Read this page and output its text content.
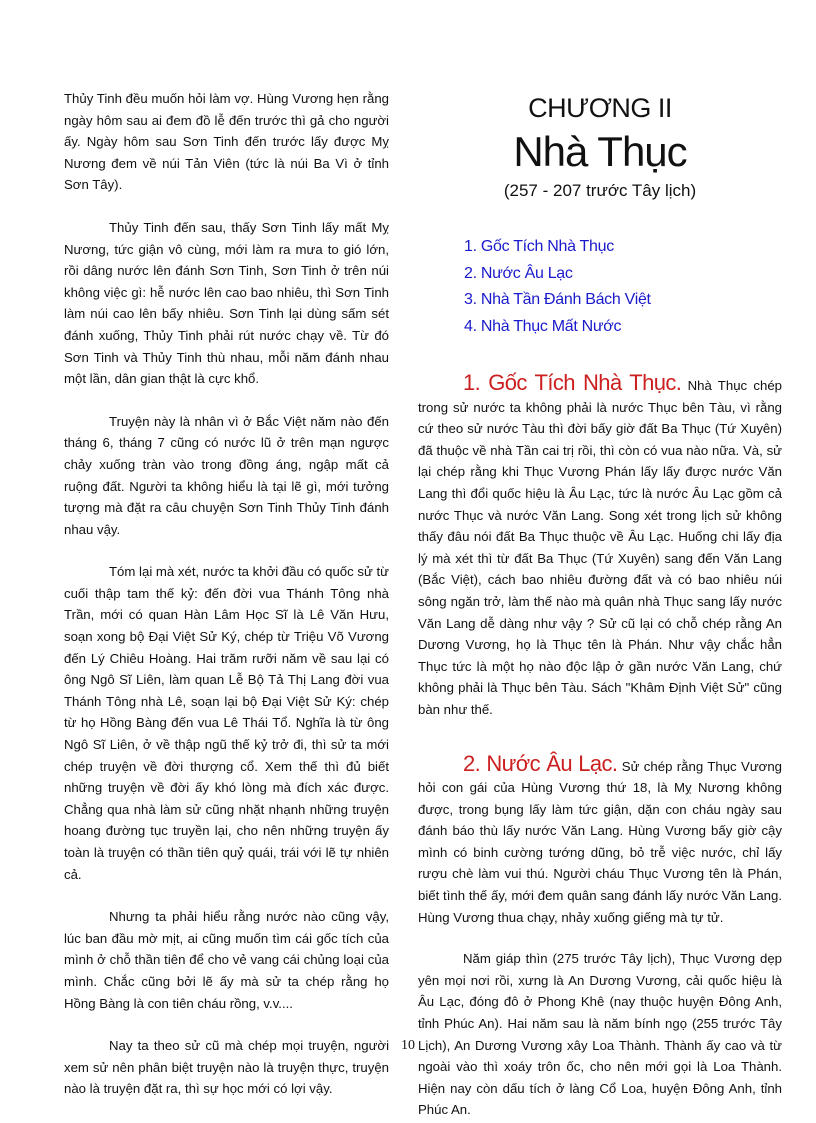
Thủy Tinh đều muốn hỏi làm vợ. Hùng Vương hẹn rằng ngày hôm sau ai đem đồ lễ đến trước thì gả cho người ấy. Ngày hôm sau Sơn Tinh đến trước lấy được Mỵ Nương đem về núi Tản Viên (tức là núi Ba Vì ở tỉnh Sơn Tây).

Thủy Tinh đến sau, thấy Sơn Tinh lấy mất Mỵ Nương, tức giận vô cùng, mới làm ra mưa to gió lớn, rồi dâng nước lên đánh Sơn Tinh, Sơn Tinh ở trên núi không việc gì: hễ nước lên cao bao nhiêu, thì Sơn Tinh làm núi cao lên bấy nhiêu. Sơn Tinh lại dùng sấm sét đánh xuống, Thủy Tinh phải rút nước chạy về. Từ đó Sơn Tinh và Thủy Tinh thù nhau, mỗi năm đánh nhau một lần, dân gian thật là cực khổ.

Truyện này là nhân vì ở Bắc Việt năm nào đến tháng 6, tháng 7 cũng có nước lũ ở trên mạn ngược chảy xuống tràn vào trong đồng áng, ngập mất cả ruộng đất. Người ta không hiểu là tại lẽ gì, mới tưởng tượng mà đặt ra câu chuyện Sơn Tinh Thủy Tinh đánh nhau vậy.

Tóm lại mà xét, nước ta khởi đầu có quốc sử từ cuối thập tam thế kỷ: đến đời vua Thánh Tông nhà Trần, mới có quan Hàn Lâm Học Sĩ là Lê Văn Hưu, soạn xong bộ Đại Việt Sử Ký, chép từ Triệu Võ Vương đến Lý Chiêu Hoàng. Hai trăm rưỡi năm về sau lại có ông Ngô Sĩ Liên, làm quan Lễ Bộ Tả Thị Lang đời vua Thánh Tông nhà Lê, soạn lại bộ Đại Việt Sử Ký: chép từ họ Hồng Bàng đến vua Lê Thái Tổ. Nghĩa là từ ông Ngô Sĩ Liên, ở về thập ngũ thế kỷ trở đi, thì sử ta mới chép truyện về đời thượng cổ. Xem thế thì đủ biết những truyện về đời ấy khó lòng mà đích xác được. Chẳng qua nhà làm sử cũng nhặt nhạnh những truyện hoang đường tục truyền lại, cho nên những truyện ấy toàn là truyện có thần tiên quỷ quái, trái với lẽ tự nhiên cả.

Nhưng ta phải hiểu rằng nước nào cũng vậy, lúc ban đầu mờ mịt, ai cũng muốn tìm cái gốc tích của mình ở chỗ thần tiên để cho vẻ vang cái chủng loại của mình. Chắc cũng bởi lẽ ấy mà sử ta chép rằng họ Hồng Bàng là con tiên cháu rồng, v.v....

Nay ta theo sử cũ mà chép mọi truyện, người xem sử nên phân biệt truyện nào là truyện thực, truyện nào là truyện đặt ra, thì sự học mới có lợi vậy.

CHƯƠNG II
Nhà Thục
(257 - 207 trước Tây lịch)
1. Gốc Tích Nhà Thục
2. Nước Âu Lạc
3. Nhà Tần Đánh Bách Việt
4. Nhà Thục Mất Nước

1. Gốc Tích Nhà Thục. Nhà Thục chép trong sử nước ta không phải là nước Thục bên Tàu, vì rằng cứ theo sử nước Tàu thì đời bấy giờ đất Ba Thục (Tứ Xuyên) đã thuộc về nhà Tần cai trị rồi, thì còn có vua nào nữa. Và, sử lại chép rằng khi Thục Vương Phán lấy lấy được nước Văn Lang thì đổi quốc hiệu là Âu Lạc, tức là nước Âu Lạc gồm cả nước Thục và nước Văn Lang. Song xét trong lịch sử không thấy đâu nói đất Ba Thục thuộc về Âu Lạc. Huống chi lấy địa lý mà xét thì từ đất Ba Thục (Tứ Xuyên) sang đến Văn Lang (Bắc Việt), cách bao nhiêu đường đất và có bao nhiêu núi sông ngăn trở, làm thế nào mà quân nhà Thục sang lấy nước Văn Lang dễ dàng như vậy ? Sử cũ lại có chỗ chép rằng An Dương Vương, họ là Thục tên là Phán. Như vậy chắc hẳn Thục tức là một họ nào độc lập ở gần nước Văn Lang, chứ không phải là Thục bên Tàu. Sách "Khâm Định Việt Sử" cũng bàn như thế.

2. Nước Âu Lạc. Sử chép rằng Thục Vương hỏi con gái của Hùng Vương thứ 18, là Mỵ Nương không được, trong bụng lấy làm tức giận, dặn con cháu ngày sau đánh báo thù lấy nước Văn Lang. Hùng Vương bấy giờ cậy mình có binh cường tướng dũng, bỏ trễ việc nước, chỉ lấy rượu chè làm vui thú. Người cháu Thục Vương tên là Phán, biết tình thế ấy, mới đem quân sang đánh lấy nước Văn Lang. Hùng Vương thua chạy, nhảy xuống giếng mà tự tử.

Năm giáp thìn (275 trước Tây lịch), Thục Vương dẹp yên mọi nơi rồi, xưng là An Dương Vương, cải quốc hiệu là Âu Lạc, đóng đô ở Phong Khê (nay thuộc huyện Đông Anh, tỉnh Phúc An). Hai năm sau là năm bính ngọ (255 trước Tây Lịch), An Dương Vương xây Loa Thành. Thành ấy cao và từ ngoài vào thì xoáy trôn ốc, cho nên mới gọi là Loa Thành. Hiện nay còn dấu tích ở làng Cổ Loa, huyện Đông Anh, tỉnh Phúc An.

10
